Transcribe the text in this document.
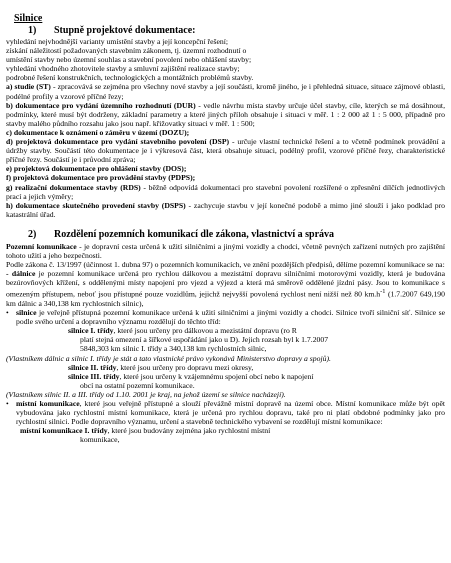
Silnice
1) Stupně projektové dokumentace:
vyhledání nejvhodnější varianty umístění stavby a její koncepční řešení;
získání náležitostí požadovaných stavebním zákonem, tj. územní rozhodnutí o
umístění stavby nebo územní souhlas a stavební povolení nebo ohlášení stavby;
vyhledání vhodného zhotovitele stavby a smluvní zajištění realizace stavby;
podrobné řešení konstrukčních, technologických a montážních problémů stavby.
a) studie (ST) - zpracovává se zejména pro všechny nové stavby a její součásti, kromě jiného, je i přehledná situace, situace zájmové oblasti, podélné profily a vzorové příčné řezy;
b) dokumentace pro vydání územního rozhodnutí (DUR) - vedle návrhu místa stavby určuje účel stavby, cíle, kterých se má dosáhnout, podmínky, které musí být dodrženy, základní parametry a které jiných příloh obsahuje i situaci v měř. 1 : 2 000 až 1 : 5 000, případně pro stavby malého půdního rozsahu jako jsou např. křižovatky situaci v měř. 1 : 500;
c) dokumentace k oznámení o záměru v území (DOZU);
d) projektová dokumentace pro vydání stavebního povolení (DSP) - určuje vlastní technické řešení a to včetně podmínek provádění a údržby stavby. Součástí této dokumentace je i výkresová část, která obsahuje situaci, podélný profil, vzorové příčné řezy, charakteristické příčné řezy. Součástí je i průvodní zpráva;
e) projektová dokumentace pro ohlášení stavby (DOS);
f) projektová dokumentace pro provádění stavby (PDPS);
g) realizační dokumentace stavby (RDS) - běžně odpovídá dokumentaci pro stavební povolení rozšířené o zpřesnění dílčích jednotlivých prací a jejich výměry;
h) dokumentace skutečného provedení stavby (DSPS) - zachycuje stavbu v její konečné podobě a mimo jiné slouží i jako podklad pro katastrální úřad.
2) Rozdělení pozemních komunikací dle zákona, vlastnictví a správa
Pozemní komunikace - je dopravní cesta určená k užití silničními a jinými vozidly a chodci, včetně pevných zařízení nutných pro zajištění tohoto užití a jeho bezpečnosti.
Podle zákona č. 13/1997 (účinnost 1. dubna 97) o pozemních komunikacích, ve znění pozdějších předpisů, dělíme pozemní komunikace se na:
- dálnice je pozemní komunikace určená pro rychlou dálkovou a mezistátní dopravu silničními motorovými vozidly, která je budována bezúrovňových křížení, s oddělenými místy napojení pro vjezd a výjezd a která má směrově oddělené jízdní pásy. Jsou to komunikace s omezeným přístupem, neboť jsou přístupné pouze vozidlům, jejichž nejvyšší povolená rychlost není nižší než 80 $km.h^{-1}$ (1.7.2007 649,190 km dálnic a 340,138 km rychlostních silnic),
• silnice je veřejně přístupná pozemní komunikace určená k užití silničními a jinými vozidly a chodci. Silnice tvoří silniční síť. Silnice se podle svého určení a dopravního významu rozdělují do těchto tříd:
silnice I. třídy, které jsou určeny pro dálkovou a mezistátní dopravu (ro R
platí stejná omezení a šířkové uspořádání jako u D). Jejich rozsah byl k 1.7.2007
5848,303 km silnic I. třídy a 340,138 km rychlostních silnic,
(Vlastníkem dálnic a silnic I. třídy je stát a tato vlastnické právo vykonává Ministerstvo dopravy a spojů).
silnice II. třídy, které jsou určeny pro dopravu mezi okresy,
silnice III. třídy, které jsou určeny k vzájemnému spojení obcí nebo k napojení
obcí na ostatní pozemní komunikace.
(Vlastníkem silnic II. a III. třídy od 1.10. 2001 je kraj, na jehož území se silnice nacházejí).
• místní komunikace, které jsou veřejně přístupné a slouží převážně místní dopravě na území obce. Místní komunikace může být opět vybudována jako rychlostní místní komunikace, která je určená pro rychlou dopravu, také pro ni platí obdobné podmínky jako pro rychlostní silnici. Podle dopravního významu, určení a stavebně technického vybavení se rozdělují místní komunikace:
místní komunikace I. třídy, které jsou budovány zejména jako rychlostní místní
komunikace,
